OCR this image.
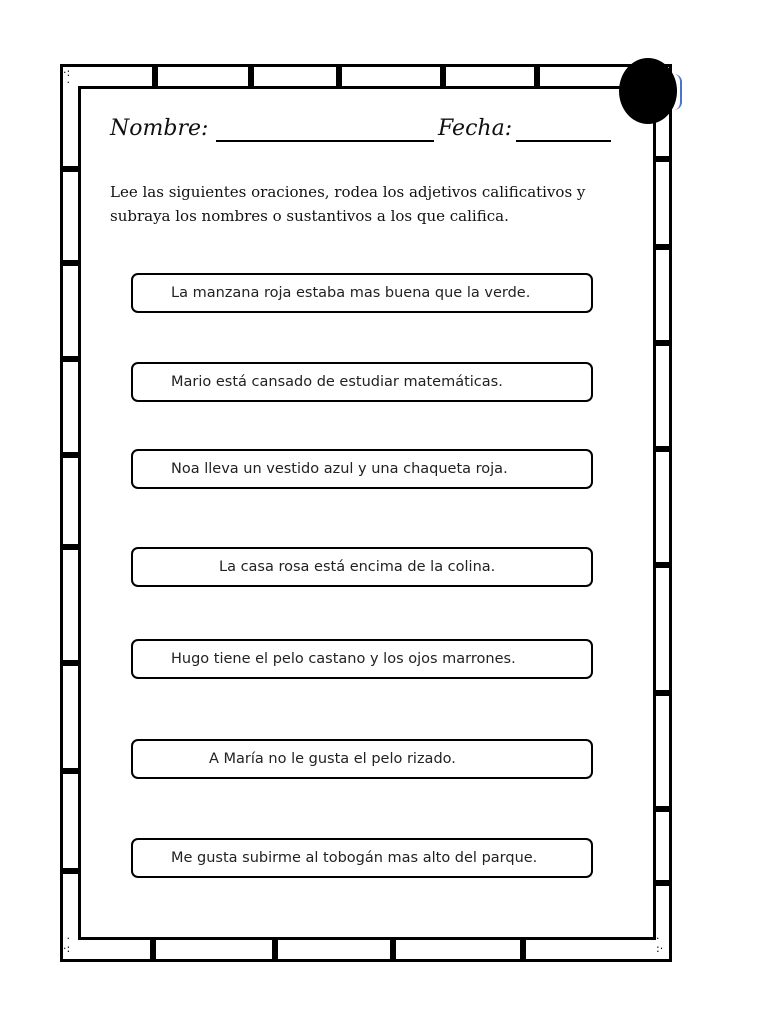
·:
·
·
·:
·
:·
Nombre:	Fecha:
Lee las siguientes oraciones, rodea los adjetivos calificativos y subraya los nombres o sustantivos a los que califica.
La manzana roja estaba mas buena que la verde.
Mario está cansado de estudiar matemáticas.
Noa lleva un vestido azul y una chaqueta roja.
La casa rosa está encima de la colina.
Hugo tiene el pelo castano y los ojos marrones.
A María no le gusta el pelo rizado.
Me gusta subirme al tobogán mas alto del parque.
